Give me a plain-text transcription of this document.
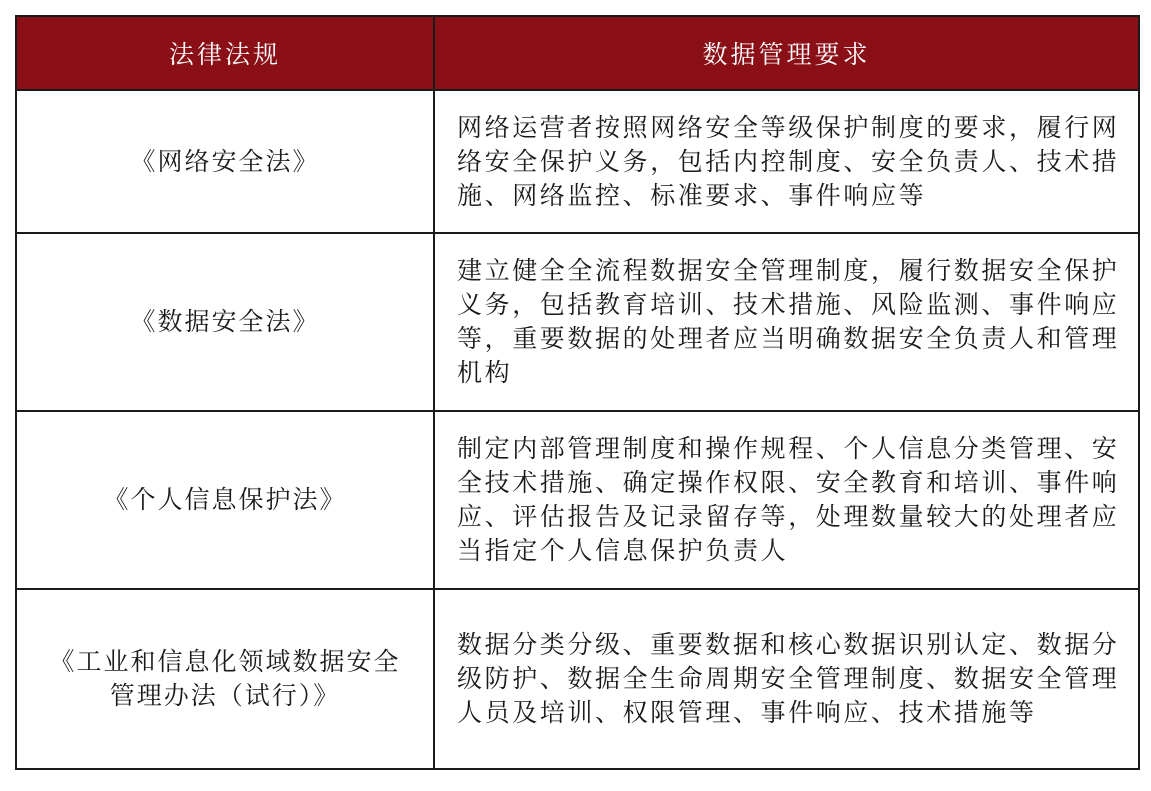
法律法规	数据管理要求
《网络安全法》	网络运营者按照网络安全等级保护制度的要求，履行网络安全保护义务，包括内控制度、安全负责人、技术措施、网络监控、标准要求、事件响应等
《数据安全法》	建立健全全流程数据安全管理制度，履行数据安全保护义务，包括教育培训、技术措施、风险监测、事件响应等，重要数据的处理者应当明确数据安全负责人和管理机构
《个人信息保护法》	制定内部管理制度和操作规程、个人信息分类管理、安全技术措施、确定操作权限、安全教育和培训、事件响应、评估报告及记录留存等，处理数量较大的处理者应当指定个人信息保护负责人
《工业和信息化领域数据安全管理办法（试行）》	数据分类分级、重要数据和核心数据识别认定、数据分级防护、数据全生命周期安全管理制度、数据安全管理人员及培训、权限管理、事件响应、技术措施等
